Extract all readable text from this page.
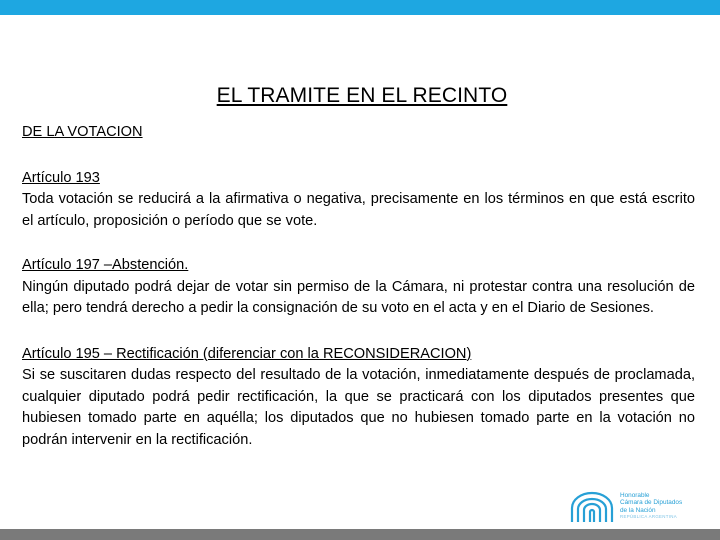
EL TRAMITE EN EL RECINTO

DE LA VOTACION

Artículo 193

Toda votación se reducirá a la afirmativa o negativa, precisamente en los términos en que está escrito el artículo, proposición o período que se vote.

Artículo 197 –Abstención.

Ningún diputado podrá dejar de votar sin permiso de la Cámara, ni protestar contra una resolución de ella; pero tendrá derecho a pedir la consignación de su voto en el acta y en el Diario de Sesiones.

Artículo 195 – Rectificación (diferenciar con la RECONSIDERACION)

Si se suscitaren dudas respecto del resultado de la votación, inmediatamente después de proclamada, cualquier diputado podrá pedir rectificación, la que se practicará con los diputados presentes que hubiesen tomado parte en aquélla; los diputados que no hubiesen tomado parte en la votación no podrán intervenir en la rectificación.

Honorable
Cámara de Diputados
de la Nación
REPÚBLICA ARGENTINA
